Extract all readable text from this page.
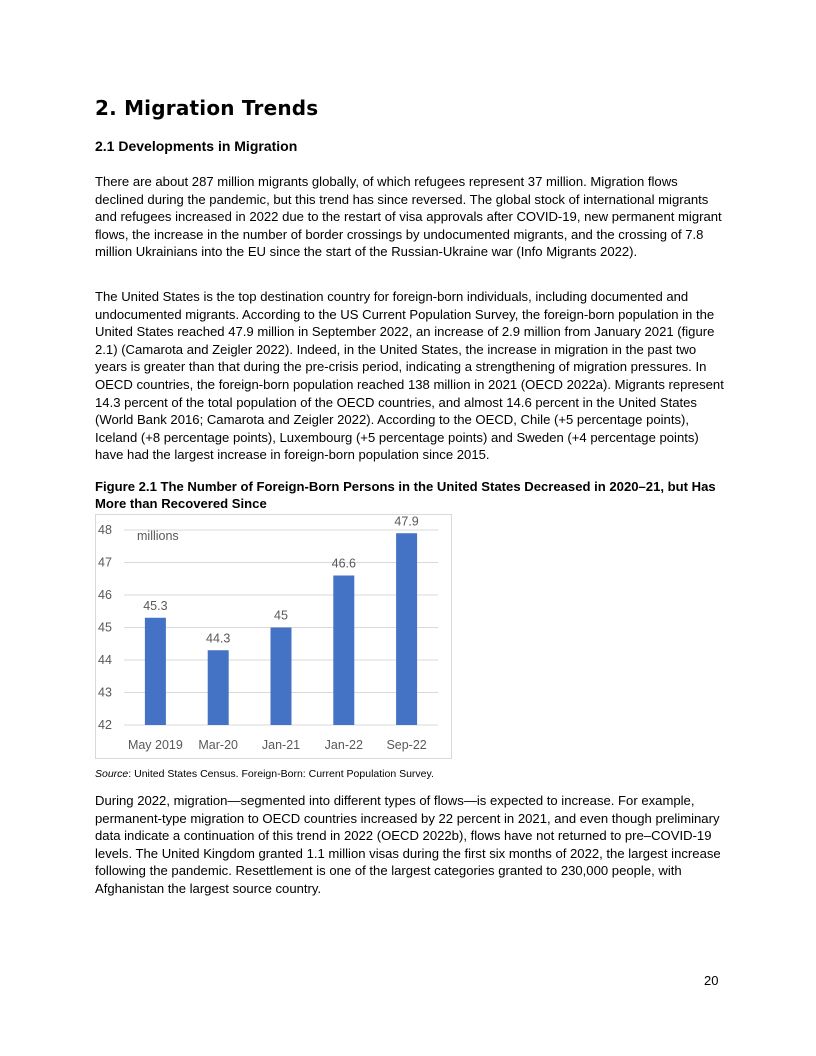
2. Migration Trends
2.1 Developments in Migration

There are about 287 million migrants globally, of which refugees represent 37 million. Migration flows declined during the pandemic, but this trend has since reversed. The global stock of international migrants and refugees increased in 2022 due to the restart of visa approvals after COVID-19, new permanent migrant flows, the increase in the number of border crossings by undocumented migrants, and the crossing of 7.8 million Ukrainians into the EU since the start of the Russian-Ukraine war (Info Migrants 2022).

The United States is the top destination country for foreign-born individuals, including documented and undocumented migrants. According to the US Current Population Survey, the foreign-born population in the United States reached 47.9 million in September 2022, an increase of 2.9 million from January 2021 (figure 2.1) (Camarota and Zeigler 2022). Indeed, in the United States, the increase in migration in the past two years is greater than that during the pre-crisis period, indicating a strengthening of migration pressures. In OECD countries, the foreign-born population reached 138 million in 2021 (OECD 2022a). Migrants represent 14.3 percent of the total population of the OECD countries, and almost 14.6 percent in the United States (World Bank 2016; Camarota and Zeigler 2022). According to the OECD, Chile (+5 percentage points), Iceland (+8 percentage points), Luxembourg (+5 percentage points) and Sweden (+4 percentage points) have had the largest increase in foreign-born population since 2015.

Figure 2.1 The Number of Foreign-Born Persons in the United States Decreased in 2020–21, but Has More than Recovered Since

42
43
44
45
46
47
48 millions
45.3
May 2019
44.3
Mar-20
45
Jan-21
46.6
Jan-22
47.9
Sep-22

Source: United States Census. Foreign-Born: Current Population Survey.

During 2022, migration—segmented into different types of flows—is expected to increase. For example, permanent-type migration to OECD countries increased by 22 percent in 2021, and even though preliminary data indicate a continuation of this trend in 2022 (OECD 2022b), flows have not returned to pre–COVID-19 levels. The United Kingdom granted 1.1 million visas during the first six months of 2022, the largest increase following the pandemic. Resettlement is one of the largest categories granted to 230,000 people, with Afghanistan the largest source country.

20
